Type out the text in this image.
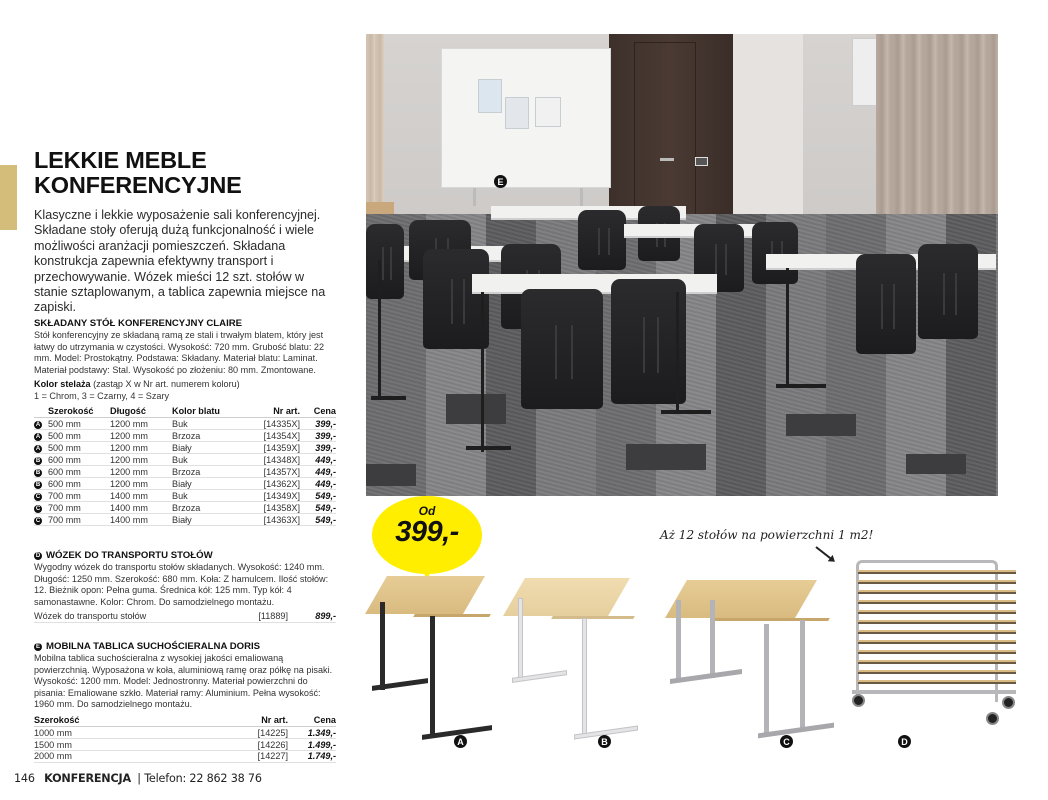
LEKKIE MEBLE
KONFERENCYJNE

Klasyczne i lekkie wyposażenie sali konferencyjnej. Składane stoły oferują dużą funkcjonalność i wiele możliwości aranżacji pomieszczeń. Składana konstrukcja zapewnia efektywny transport i przechowywanie. Wózek mieści 12 szt. stołów w stanie sztaplowanym, a tablica zapewnia miejsce na zapiski.

SKŁADANY STÓŁ KONFERENCYJNY CLAIRE

Stół konferencyjny ze składaną ramą ze stali i trwałym blatem, który jest łatwy do utrzymania w czystości. Wysokość: 720 mm. Grubość blatu: 22 mm. Model: Prostokątny. Podstawa: Składany. Materiał blatu: Laminat. Materiał podstawy: Stal. Wysokość po złożeniu: 80 mm. Zmontowane.

Kolor stelaża (zastąp X w Nr art. numerem koloru)
1 = Chrom, 3 = Czarny, 4 = Szary

	Szerokość	Długość	Kolor blatu	Nr art.	Cena
A	500 mm	1200 mm	Buk	[14335X]	399,-
A	500 mm	1200 mm	Brzoza	[14354X]	399,-
A	500 mm	1200 mm	Biały	[14359X]	399,-
B	600 mm	1200 mm	Buk	[14348X]	449,-
B	600 mm	1200 mm	Brzoza	[14357X]	449,-
B	600 mm	1200 mm	Biały	[14362X]	449,-
C	700 mm	1400 mm	Buk	[14349X]	549,-
C	700 mm	1400 mm	Brzoza	[14358X]	549,-
C	700 mm	1400 mm	Biały	[14363X]	549,-
D WÓZEK DO TRANSPORTU STOŁÓW

Wygodny wózek do transportu stołów składanych. Wysokość: 1240 mm. Długość: 1250 mm. Szerokość: 680 mm. Koła: Z hamulcem. Ilość stołów: 12. Bieżnik opon: Pełna guma. Średnica kół: 125 mm. Typ kół: 4 samonastawne. Kolor: Chrom. Do samodzielnego montażu.

Wózek do transportu stołów	[11889]	899,-
E MOBILNA TABLICA SUCHOŚCIERALNA DORIS

Mobilna tablica suchościeralna z wysokiej jakości emaliowaną powierzchnią. Wyposażona w koła, aluminiową ramę oraz półkę na pisaki. Wysokość: 1200 mm. Model: Jednostronny. Materiał powierzchni do pisania: Emaliowane szkło. Materiał ramy: Aluminium. Pełna wysokość: 1960 mm. Do samodzielnego montażu.

Szerokość	Nr art.	Cena
1000 mm	[14225]	1.349,-
1500 mm	[14226]	1.499,-
2000 mm	[14227]	1.749,-
146 KONFERENCJA | Telefon: 22 862 38 76
E
Od
399,-	Aż 12 stołów na powierzchni 1 m2!
A	B	C	D
